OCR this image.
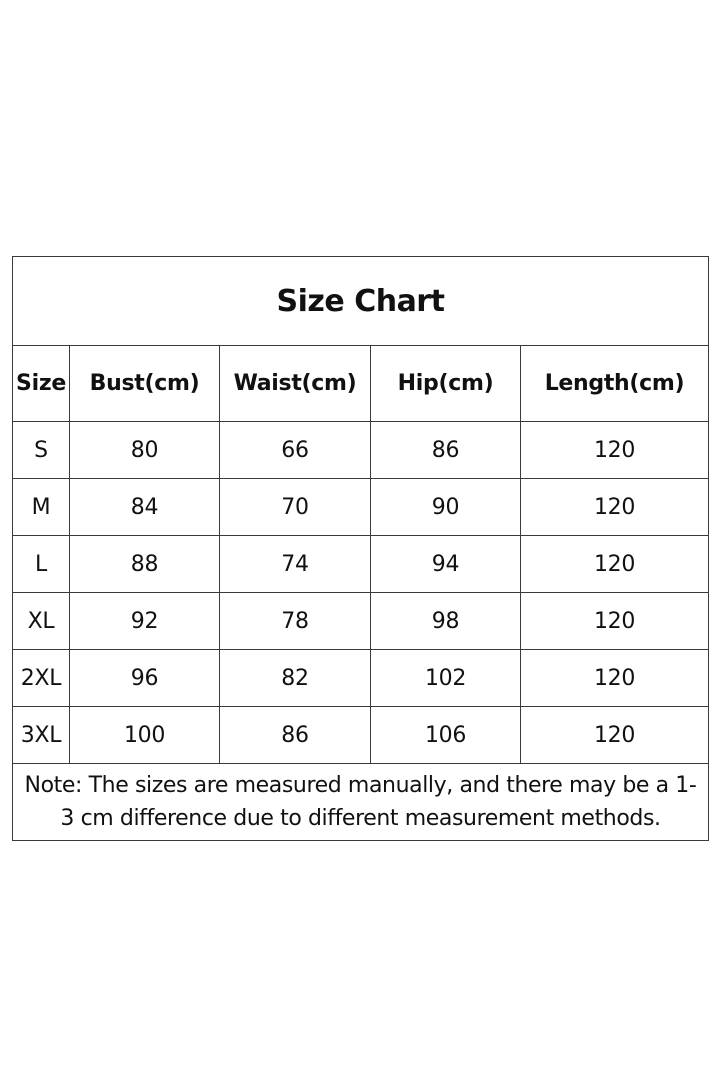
Size Chart				
Size	Bust(cm)	Waist(cm)	Hip(cm)	Length(cm)
S	80	66	86	120
M	84	70	90	120
L	88	74	94	120
XL	92	78	98	120
2XL	96	82	102	120
3XL	100	86	106	120
Note: The sizes are measured manually, and there may be a 1-3 cm difference due to different measurement methods.				
